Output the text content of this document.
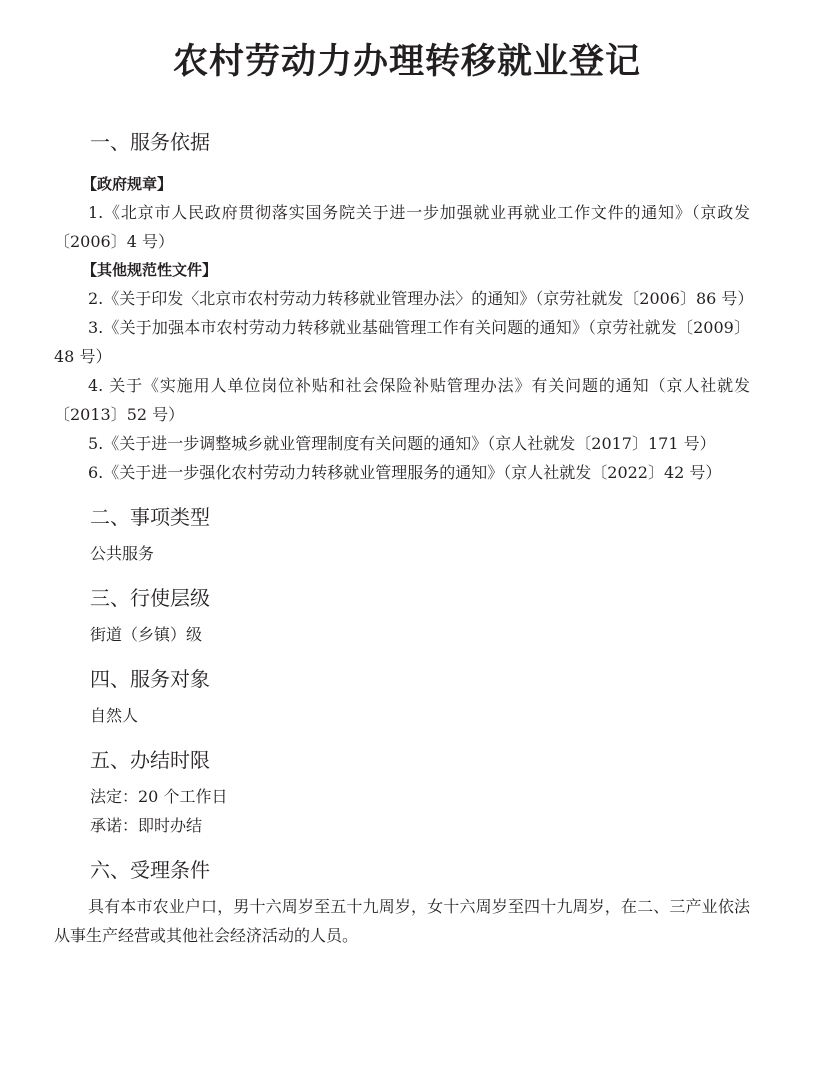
农村劳动力办理转移就业登记
一、服务依据

【政府规章】

1.《北京市人民政府贯彻落实国务院关于进一步加强就业再就业工作文件的通知》（京政发〔2006〕4 号）

【其他规范性文件】

2.《关于印发〈北京市农村劳动力转移就业管理办法〉的通知》（京劳社就发〔2006〕86 号）

3.《关于加强本市农村劳动力转移就业基础管理工作有关问题的通知》（京劳社就发〔2009〕48 号）

4. 关于《实施用人单位岗位补贴和社会保险补贴管理办法》有关问题的通知（京人社就发〔2013〕52 号）

5.《关于进一步调整城乡就业管理制度有关问题的通知》（京人社就发〔2017〕171 号）

6.《关于进一步强化农村劳动力转移就业管理服务的通知》（京人社就发〔2022〕42 号）

二、事项类型

公共服务

三、行使层级

街道（乡镇）级

四、服务对象

自然人

五、办结时限

法定：20 个工作日

承诺：即时办结

六、受理条件

具有本市农业户口，男十六周岁至五十九周岁，女十六周岁至四十九周岁，在二、三产业依法从事生产经营或其他社会经济活动的人员。
